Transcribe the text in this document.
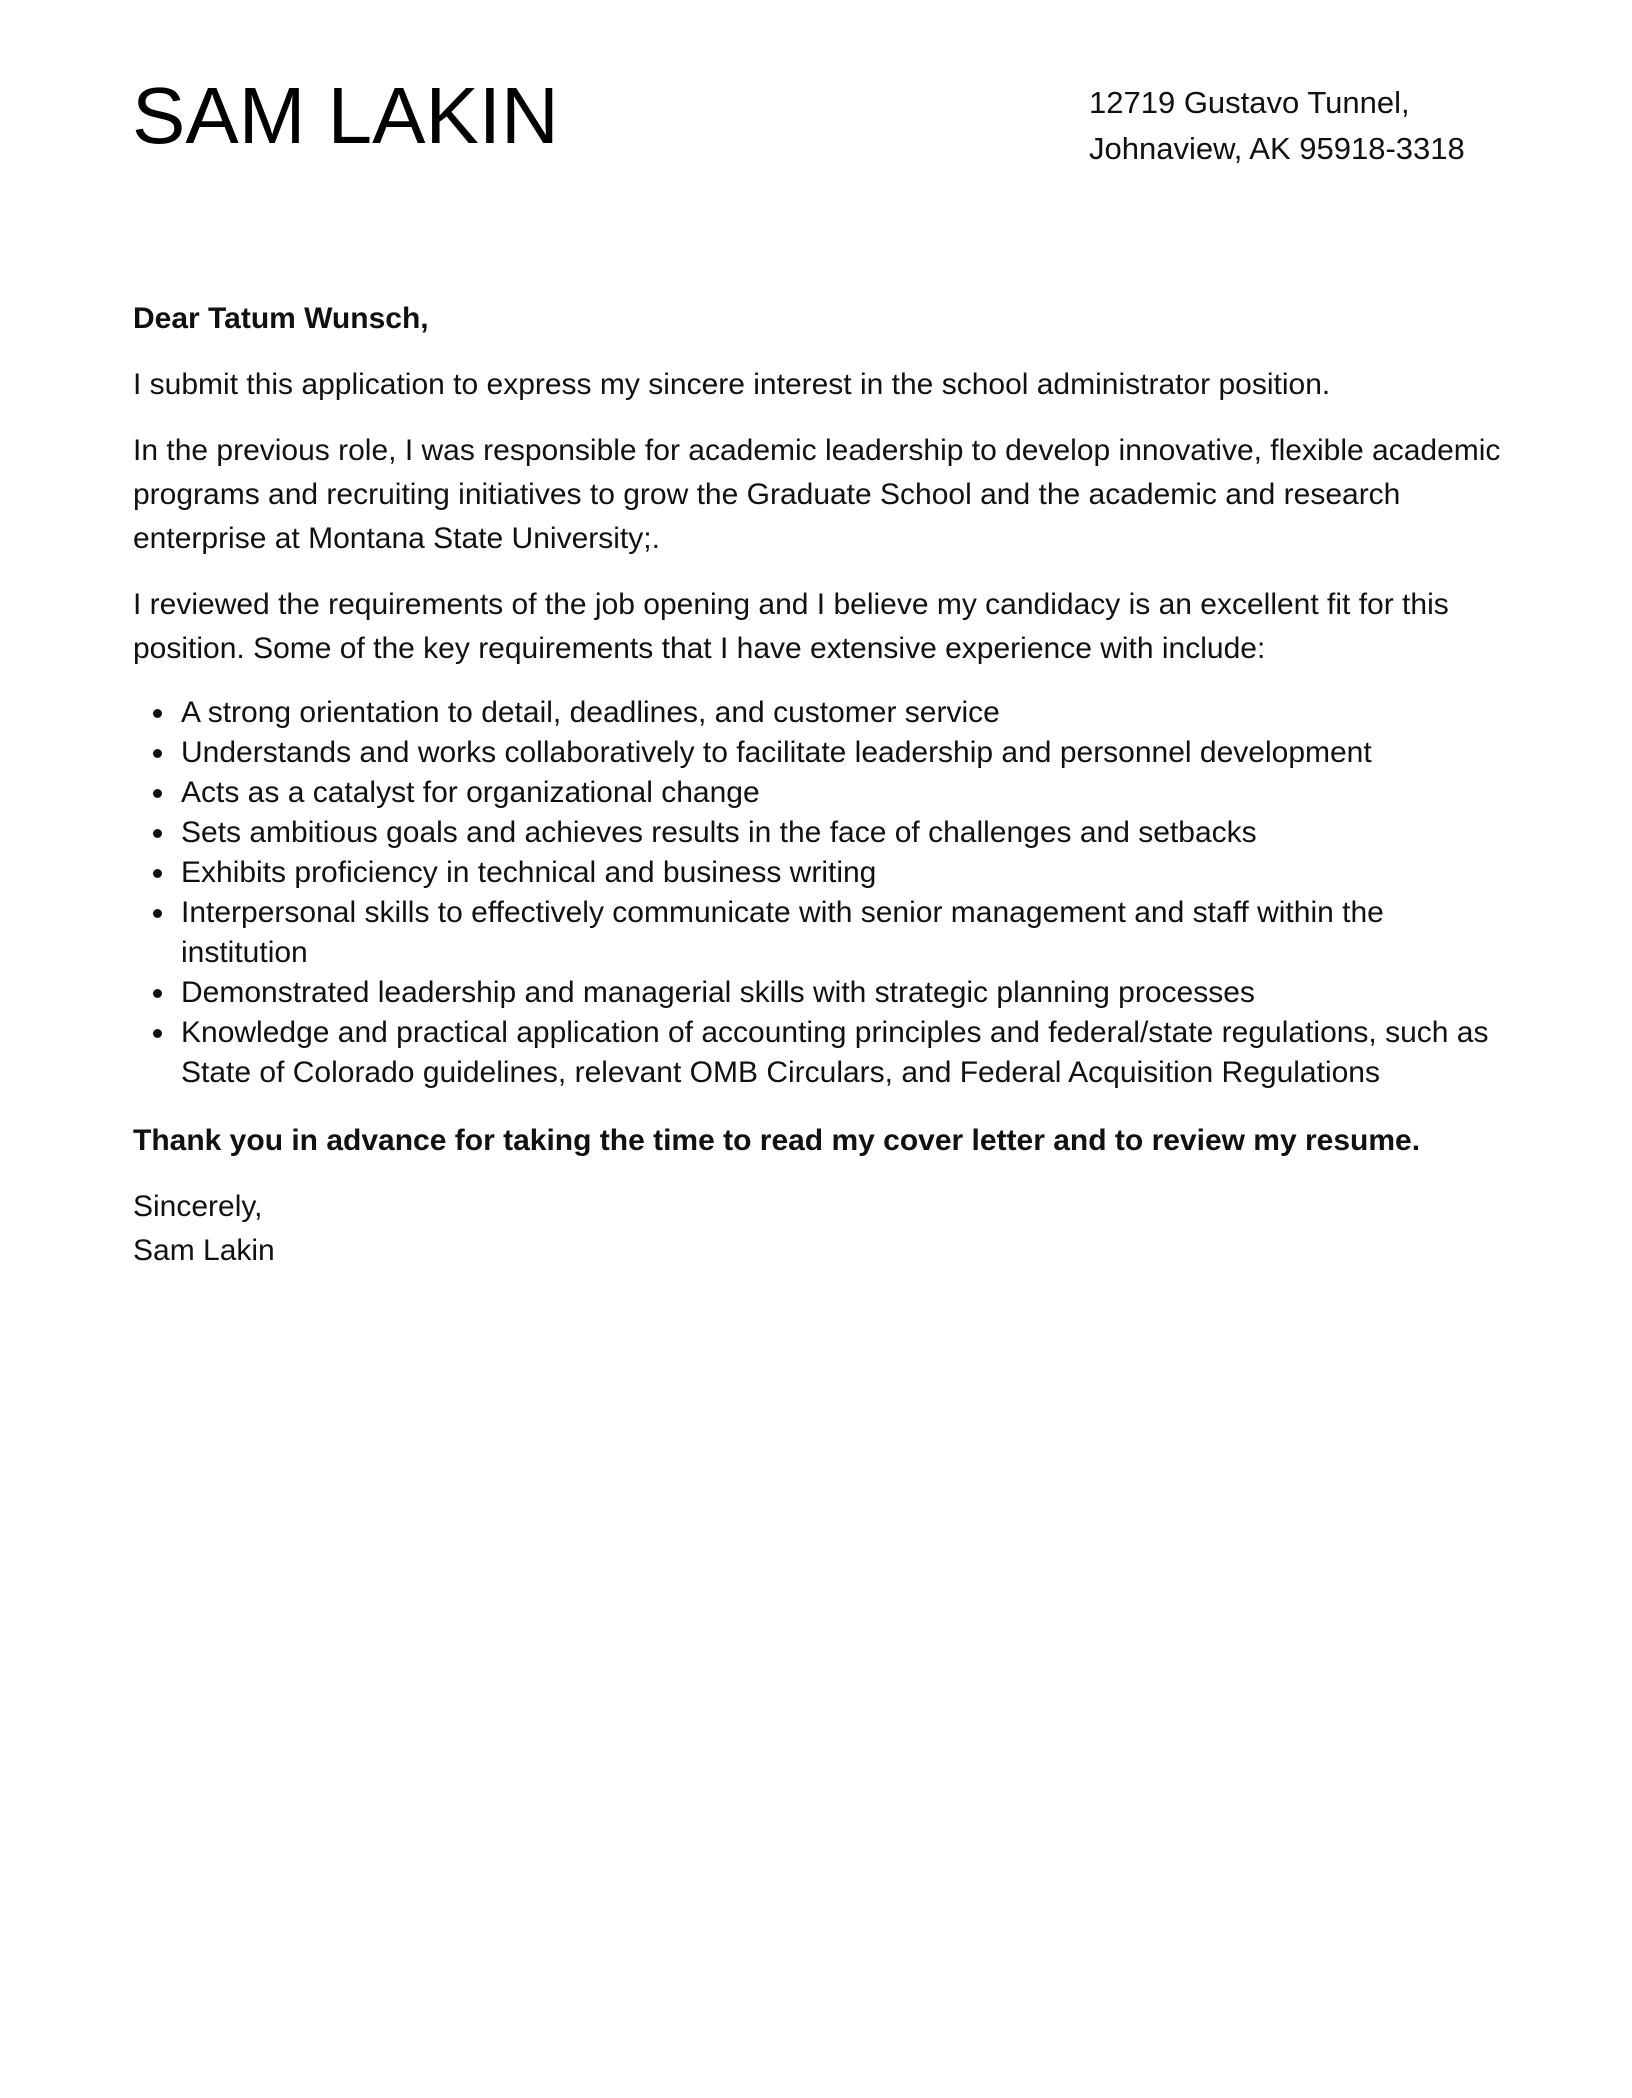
SAM LAKIN	12719 Gustavo Tunnel,
Johnaview, AK 95918-3318

Dear Tatum Wunsch,

I submit this application to express my sincere interest in the school administrator position.

In the previous role, I was responsible for academic leadership to develop innovative, flexible academic programs and recruiting initiatives to grow the Graduate School and the academic and research enterprise at Montana State University;.

I reviewed the requirements of the job opening and I believe my candidacy is an excellent fit for this position. Some of the key requirements that I have extensive experience with include:

A strong orientation to detail, deadlines, and customer service
Understands and works collaboratively to facilitate leadership and personnel development
Acts as a catalyst for organizational change
Sets ambitious goals and achieves results in the face of challenges and setbacks
Exhibits proficiency in technical and business writing
Interpersonal skills to effectively communicate with senior management and staff within the institution
Demonstrated leadership and managerial skills with strategic planning processes
Knowledge and practical application of accounting principles and federal/state regulations, such as State of Colorado guidelines, relevant OMB Circulars, and Federal Acquisition Regulations

Thank you in advance for taking the time to read my cover letter and to review my resume.

Sincerely,

Sam Lakin
